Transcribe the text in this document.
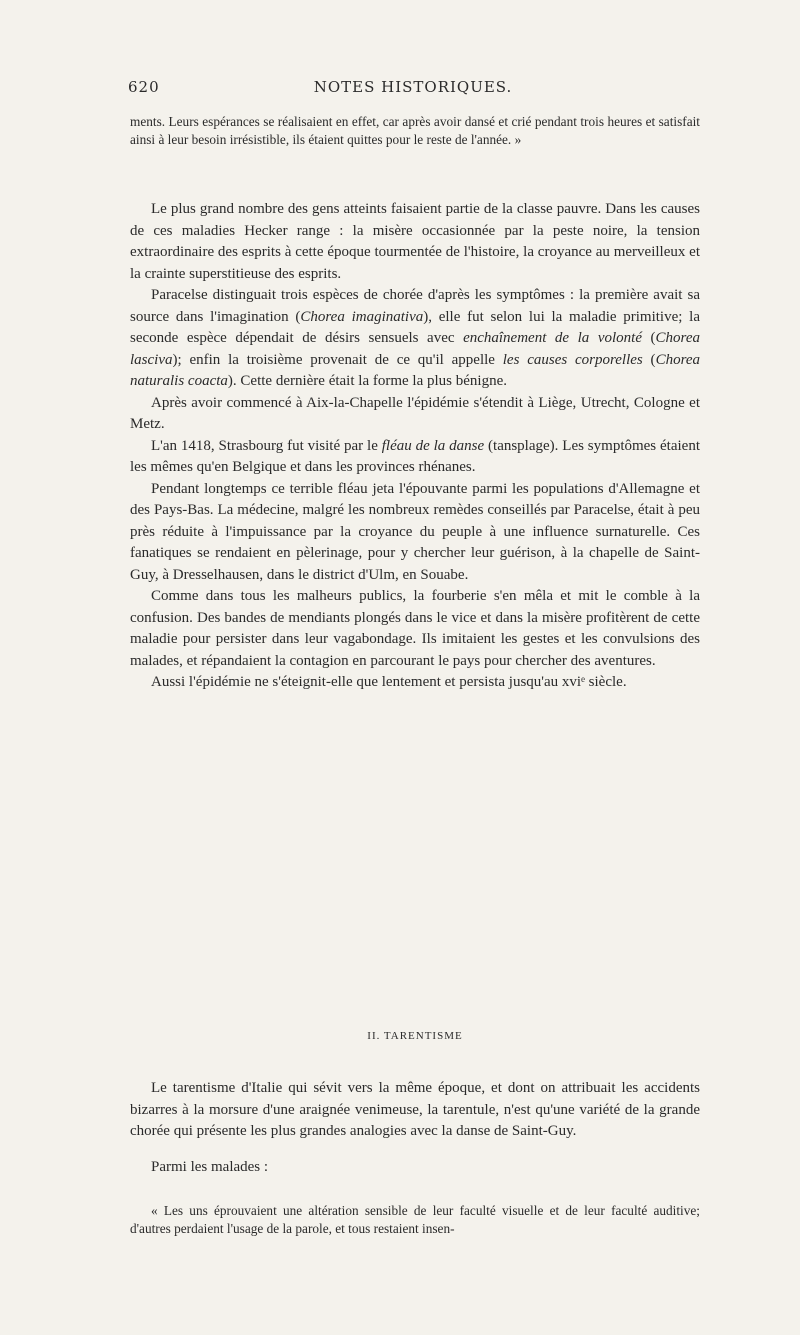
620	NOTES HISTORIQUES.

ments. Leurs espérances se réalisaient en effet, car après avoir dansé et crié pendant trois heures et satisfait ainsi à leur besoin irrésistible, ils étaient quittes pour le reste de l'année. »

Le plus grand nombre des gens atteints faisaient partie de la classe pauvre. Dans les causes de ces maladies Hecker range : la misère occasionnée par la peste noire, la tension extraordinaire des esprits à cette époque tourmentée de l'histoire, la croyance au merveilleux et la crainte superstitieuse des esprits.

Paracelse distinguait trois espèces de chorée d'après les symptômes : la première avait sa source dans l'imagination (Chorea imaginativa), elle fut selon lui la maladie primitive; la seconde espèce dépendait de désirs sensuels avec enchaînement de la volonté (Chorea lasciva); enfin la troisième provenait de ce qu'il appelle les causes corporelles (Chorea naturalis coacta). Cette dernière était la forme la plus bénigne.

Après avoir commencé à Aix-la-Chapelle l'épidémie s'étendit à Liège, Utrecht, Cologne et Metz.

L'an 1418, Strasbourg fut visité par le fléau de la danse (tansplage). Les symptômes étaient les mêmes qu'en Belgique et dans les provinces rhénanes.

Pendant longtemps ce terrible fléau jeta l'épouvante parmi les populations d'Allemagne et des Pays-Bas. La médecine, malgré les nombreux remèdes conseillés par Paracelse, était à peu près réduite à l'impuissance par la croyance du peuple à une influence surnaturelle. Ces fanatiques se rendaient en pèlerinage, pour y chercher leur guérison, à la chapelle de Saint-Guy, à Dresselhausen, dans le district d'Ulm, en Souabe.

Comme dans tous les malheurs publics, la fourberie s'en mêla et mit le comble à la confusion. Des bandes de mendiants plongés dans le vice et dans la misère profitèrent de cette maladie pour persister dans leur vagabondage. Ils imitaient les gestes et les convulsions des malades, et répandaient la contagion en parcourant le pays pour chercher des aventures.

Aussi l'épidémie ne s'éteignit-elle que lentement et persista jusqu'au xviᵉ siècle.

II. TARENTISME

Le tarentisme d'Italie qui sévit vers la même époque, et dont on attribuait les accidents bizarres à la morsure d'une araignée venimeuse, la tarentule, n'est qu'une variété de la grande chorée qui présente les plus grandes analogies avec la danse de Saint-Guy.

Parmi les malades :

« Les uns éprouvaient une altération sensible de leur faculté visuelle et de leur faculté auditive; d'autres perdaient l'usage de la parole, et tous restaient insen-
